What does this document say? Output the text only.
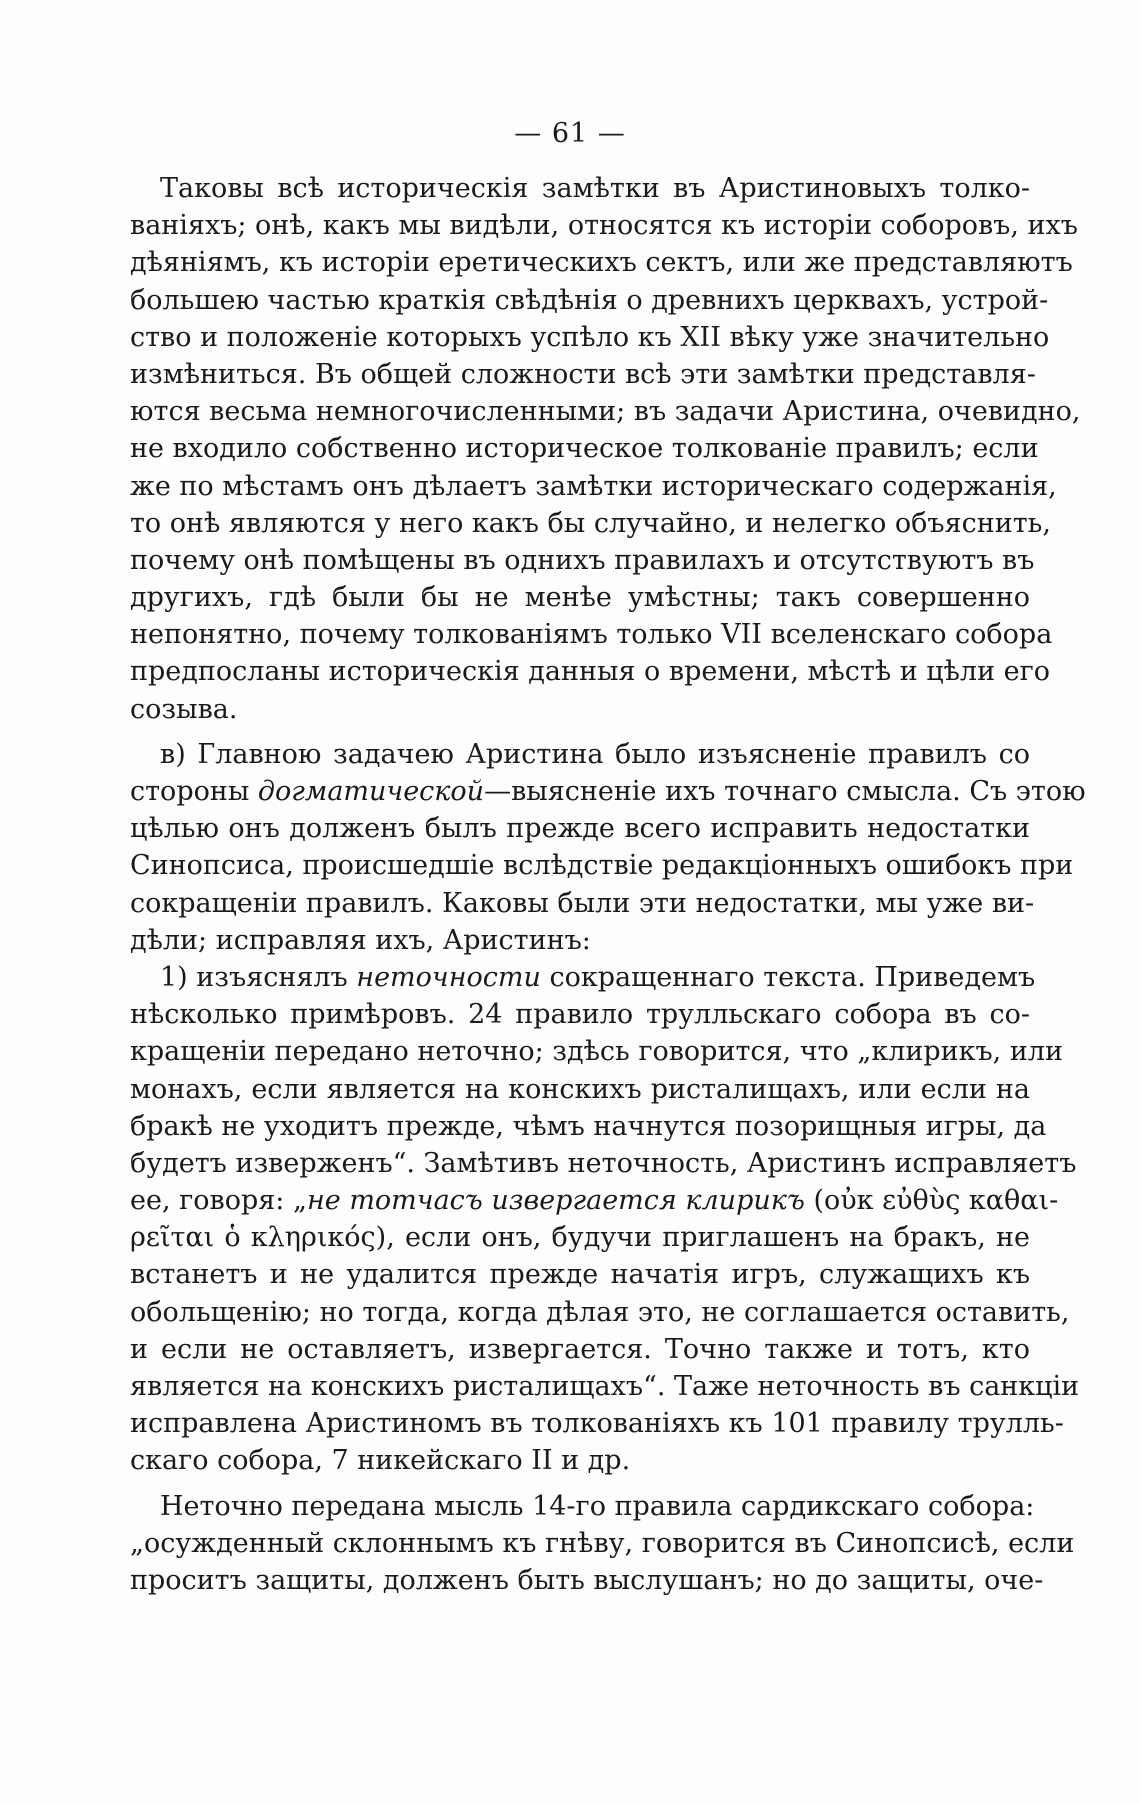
— 61 —
Таковы всѣ историческія замѣтки въ Аристиновыхъ толко-
ваніяхъ; онѣ, какъ мы видѣли, относятся къ исторіи соборовъ, ихъ
дѣяніямъ, къ исторіи еретическихъ сектъ, или же представляютъ
большею частью краткія свѣдѣнія о древнихъ церквахъ, устрой-
ство и положеніе которыхъ успѣло къ XII вѣку уже значительно
измѣниться. Въ общей сложности всѣ эти замѣтки представля-
ются весьма немногочисленными; въ задачи Аристина, очевидно,
не входило собственно историческое толкованіе правилъ; если
же по мѣстамъ онъ дѣлаетъ замѣтки историческаго содержанія,
то онѣ являются у него какъ бы случайно, и нелегко объяснить,
почему онѣ помѣщены въ однихъ правилахъ и отсутствуютъ въ
другихъ, гдѣ были бы не менѣе умѣстны; такъ совершенно
непонятно, почему толкованіямъ только VII вселенскаго собора
предпосланы историческія данныя о времени, мѣстѣ и цѣли его
созыва.
в) Главною задачею Аристина было изъясненіе правилъ со
стороны догматической—выясненіе ихъ точнаго смысла. Съ этою
цѣлью онъ долженъ былъ прежде всего исправить недостатки
Синопсиса, происшедшіе вслѣдствіе редакціонныхъ ошибокъ при
сокращеніи правилъ. Каковы были эти недостатки, мы уже ви-
дѣли; исправляя ихъ, Аристинъ:
1) изъяснялъ неточности сокращеннаго текста. Приведемъ
нѣсколько примѣровъ. 24 правило трулльскаго собора въ со-
кращеніи передано неточно; здѣсь говорится, что „клирикъ, или
монахъ, если является на конскихъ ристалищахъ, или если на
бракѣ не уходитъ прежде, чѣмъ начнутся позорищныя игры, да
будетъ изверженъ“. Замѣтивъ неточность, Аристинъ исправляетъ
ее, говоря: „не тотчасъ извергается клирикъ (οὐκ εὐθὺς καθαι-
ρεῖται ὁ κληρικός), если онъ, будучи приглашенъ на бракъ, не
встанетъ и не удалится прежде начатія игръ, служащихъ къ
обольщенію; но тогда, когда дѣлая это, не соглашается оставить,
и если не оставляетъ, извергается. Точно также и тотъ, кто
является на конскихъ ристалищахъ“. Таже неточность въ санкціи
исправлена Аристиномъ въ толкованіяхъ къ 101 правилу трулль-
скаго собора, 7 никейскаго II и др.
Неточно передана мысль 14-го правила сардикскаго собора:
„осужденный склоннымъ къ гнѣву, говорится въ Синопсисѣ, если
проситъ защиты, долженъ быть выслушанъ; но до защиты, оче-
